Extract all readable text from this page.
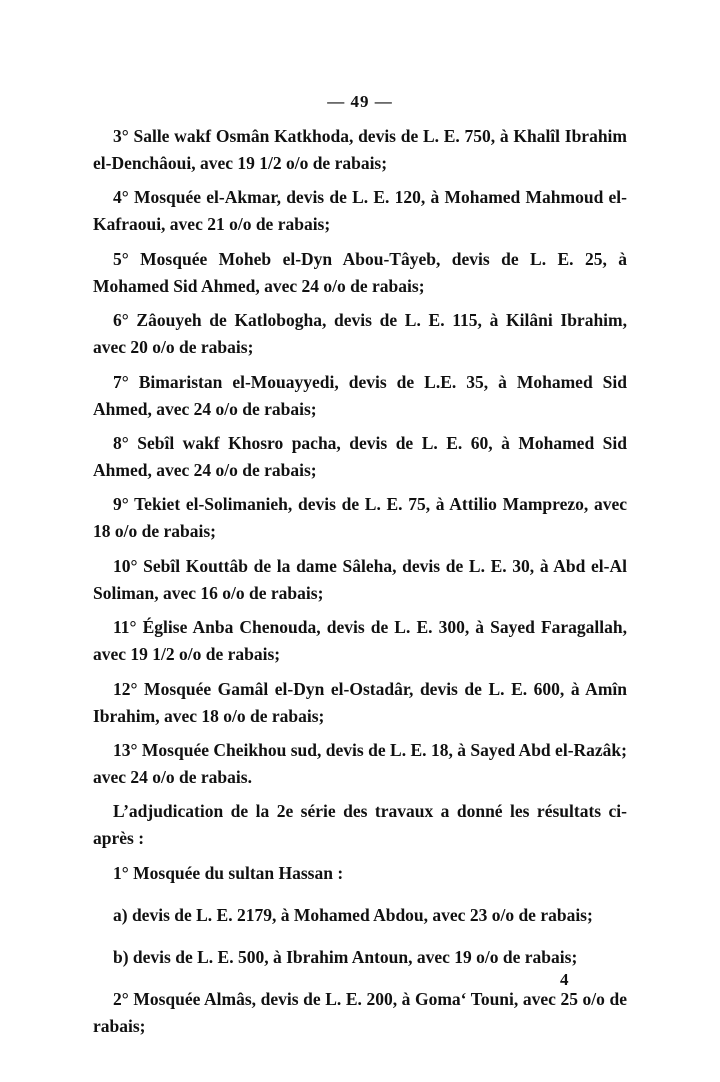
— 49 —

3° Salle wakf Osmân Katkhoda, devis de L. E. 750, à Khalîl Ibrahim el-Denchâoui, avec 19 1/2 o/o de rabais;

4° Mosquée el-Akmar, devis de L. E. 120, à Mohamed Mahmoud el-Kafraoui, avec 21 o/o de rabais;

5° Mosquée Moheb el-Dyn Abou-Tâyeb, devis de L. E. 25, à Mohamed Sid Ahmed, avec 24 o/o de rabais;

6° Zâouyeh de Katlobogha, devis de L. E. 115, à Kilâni Ibrahim, avec 20 o/o de rabais;

7° Bimaristan el-Mouayyedi, devis de L.E. 35, à Mohamed Sid Ahmed, avec 24 o/o de rabais;

8° Sebîl wakf Khosro pacha, devis de L. E. 60, à Mohamed Sid Ahmed, avec 24 o/o de rabais;

9° Tekiet el-Solimanieh, devis de L. E. 75, à Attilio Mamprezo, avec 18 o/o de rabais;

10° Sebîl Kouttâb de la dame Sâleha, devis de L. E. 30, à Abd el-Al Soliman, avec 16 o/o de rabais;

11° Église Anba Chenouda, devis de L. E. 300, à Sayed Faragallah, avec 19 1/2 o/o de rabais;

12° Mosquée Gamâl el-Dyn el-Ostadâr, devis de L. E. 600, à Amîn Ibrahim, avec 18 o/o de rabais;

13° Mosquée Cheikhou sud, devis de L. E. 18, à Sayed Abd el-Razâk; avec 24 o/o de rabais.

L’adjudication de la 2e série des travaux a donné les résultats ci-après :

1° Mosquée du sultan Hassan :

a) devis de L. E. 2179, à Mohamed Abdou, avec 23 o/o de rabais;

b) devis de L. E. 500, à Ibrahim Antoun, avec 19 o/o de rabais;

2° Mosquée Almâs, devis de L. E. 200, à Goma‘ Touni, avec 25 o/o de rabais;

4
